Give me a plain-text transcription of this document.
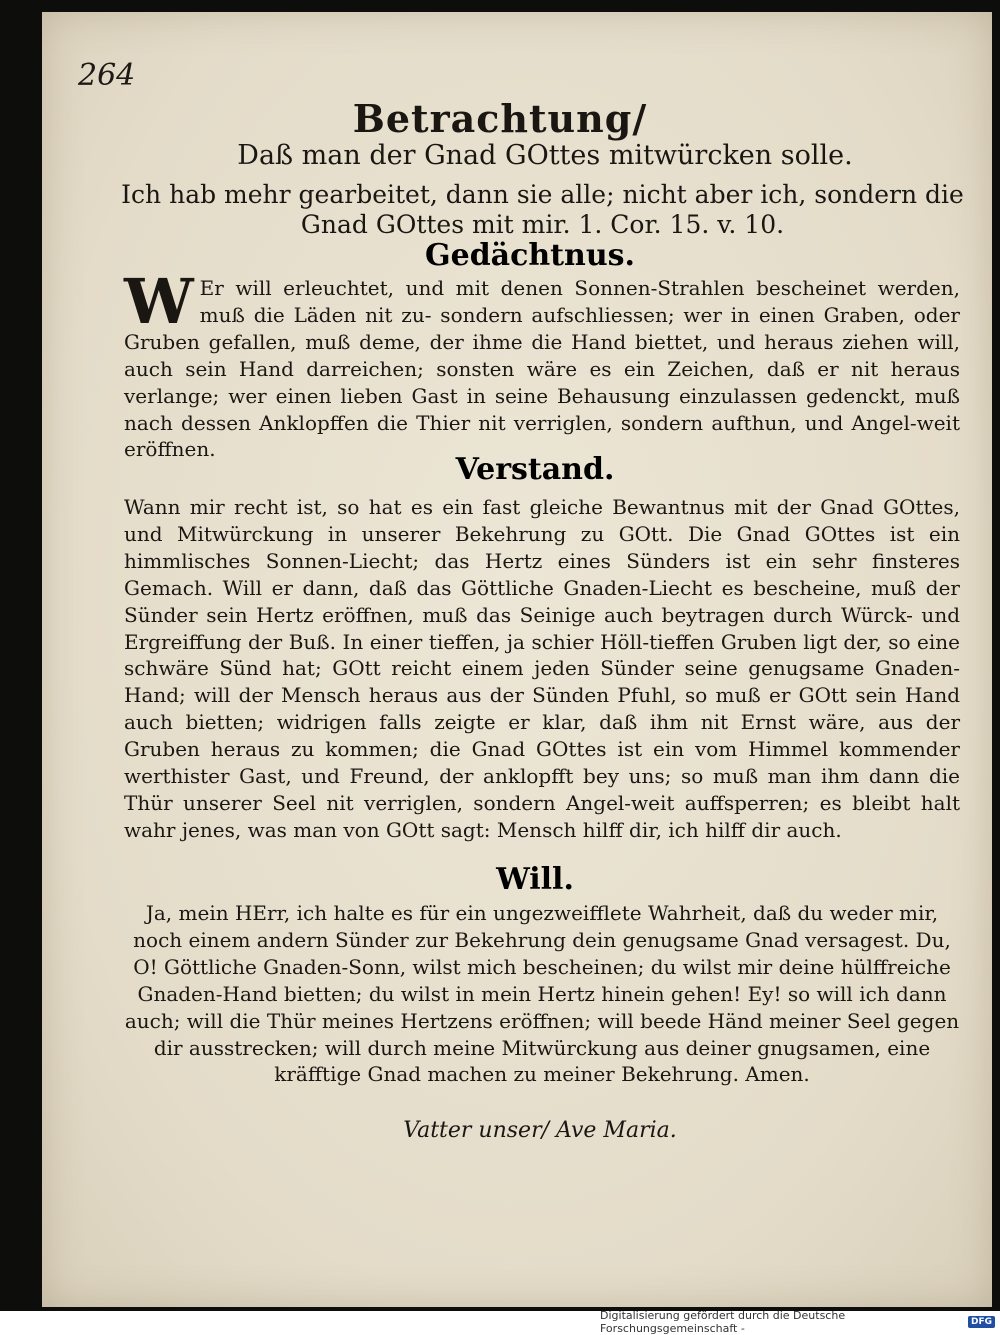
264
Betrachtung/
Daß man der Gnad GOttes mitwürcken solle.
Ich hab mehr gearbeitet, dann sie alle; nicht aber ich, sondern die Gnad GOttes mit mir. 1. Cor. 15. v. 10.
Gedächtnus.
W Er will erleuchtet, und mit denen Sonnen-Strahlen bescheinet werden, muß die Läden nit zu- sondern aufschliessen; wer in einen Graben, oder Gruben gefallen, muß deme, der ihme die Hand biettet, und heraus ziehen will, auch sein Hand darreichen; sonsten wäre es ein Zeichen, daß er nit heraus verlange; wer einen lieben Gast in seine Behausung einzulassen gedenckt, muß nach dessen Anklopffen die Thier nit verriglen, sondern aufthun, und Angel-weit eröffnen.
Verstand.
Wann mir recht ist, so hat es ein fast gleiche Bewantnus mit der Gnad GOttes, und Mitwürckung in unserer Bekehrung zu GOtt. Die Gnad GOttes ist ein himmlisches Sonnen-Liecht; das Hertz eines Sünders ist ein sehr finsteres Gemach. Will er dann, daß das Göttliche Gnaden-Liecht es bescheine, muß der Sünder sein Hertz eröffnen, muß das Seinige auch beytragen durch Würck- und Ergreiffung der Buß. In einer tieffen, ja schier Höll-tieffen Gruben ligt der, so eine schwäre Sünd hat; GOtt reicht einem jeden Sünder seine genugsame Gnaden-Hand; will der Mensch heraus aus der Sünden Pfuhl, so muß er GOtt sein Hand auch bietten; widrigen falls zeigte er klar, daß ihm nit Ernst wäre, aus der Gruben heraus zu kommen; die Gnad GOttes ist ein vom Himmel kommender werthister Gast, und Freund, der anklopfft bey uns; so muß man ihm dann die Thür unserer Seel nit verriglen, sondern Angel-weit auffsperren; es bleibt halt wahr jenes, was man von GOtt sagt: Mensch hilff dir, ich hilff dir auch.
Will.
Ja, mein HErr, ich halte es für ein ungezweifflete Wahrheit, daß du weder mir, noch einem andern Sünder zur Bekehrung dein genugsame Gnad versagest. Du, O! Göttliche Gnaden-Sonn, wilst mich bescheinen; du wilst mir deine hülffreiche Gnaden-Hand bietten; du wilst in mein Hertz hinein gehen! Ey! so will ich dann auch; will die Thür meines Hertzens eröffnen; will beede Händ meiner Seel gegen dir ausstrecken; will durch meine Mitwürckung aus deiner gnugsamen, eine kräfftige Gnad machen zu meiner Bekehrung. Amen.
Vatter unser/ Ave Maria.
Digitalisierung gefördert durch die Deutsche Forschungsgemeinschaft -	DFG
